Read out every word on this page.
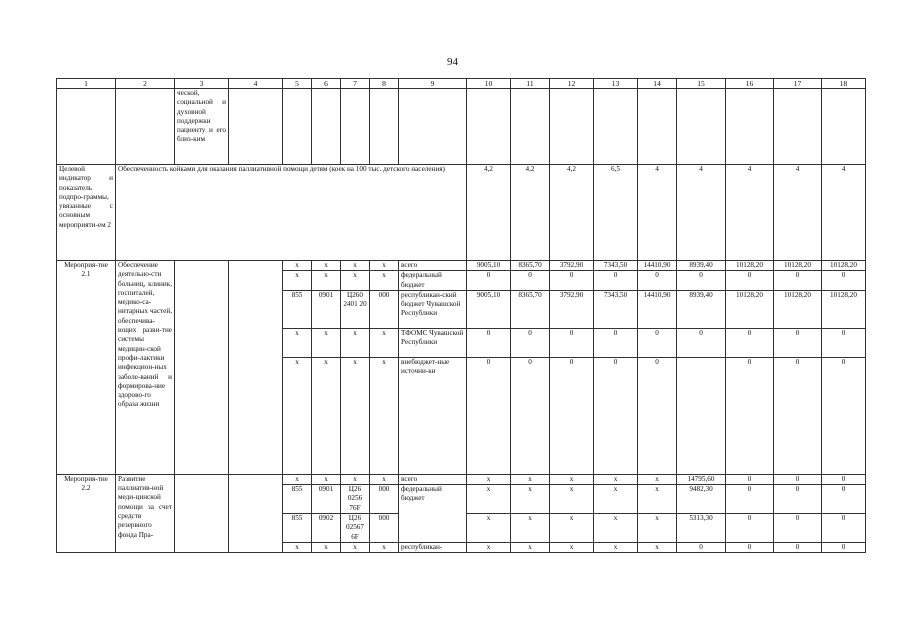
94
1	2	3	4	5	6	7	8	9	10	11	12	13	14	15	16	17	18
		ческой, социальной и духовной поддержки пациенту и его близ-ким															
Целевой индикатор и показатель подпро-граммы, увязанные с основным мероприяти-ем 2	Обеспеченность койками для оказания паллиативной помощи детям (коек на 100 тыс. детского населения)								4,2	4,2	4,2	6,5	4	4	4	4	4
Мероприя-тие 2.1	Обеспечение деятельно-сти больниц, клиник, госпиталей, медико-са-нитарных частей, обеспечива-ющих разви-тие системы медицин-ской профи-лактики инфекцион-ных заболе-ваний и формирова-ние здорово-го образа жизни			x	x	x	x	всего	9005,10	8365,70	3792,90	7343,50	14410,90	8939,40	10128,20	10128,20	10128,20
				x	x	x	x	федеральный бюджет	0	0	0	0	0	0	0	0	0
				855	0901	Ц260 2401 20	000	республикан-ский бюджет Чувашской Республики	9005,10	8365,70	3792,90	7343,50	14410,90	8939,40	10128,20	10128,20	10128,20
				x	x	x	x	ТФОМС Чувашской Республики	0	0	0	0	0	0	0	0	0
				x	x	x	x	внебюджет-ные источни-ки	0	0	0	0	0		0	0	0
Мероприя-тие 2.2	Развитие паллиатив-ной меди-цинской помощи за счет средств резервного фонда Пра-			x	x	x	x	всего	x	x	x	x	x	14795,60	0	0	0
				855	0901	Ц26 0256 76F	000	федеральный бюджет	x	x	x	x	x	9482,30	0	0	0
				855	0902	Ц26 02567 6F	000		x	x	x	x	x	5313,30	0	0	0
				x	x	x	x	республикан-	x	x	x	x	x	0	0	0	0
